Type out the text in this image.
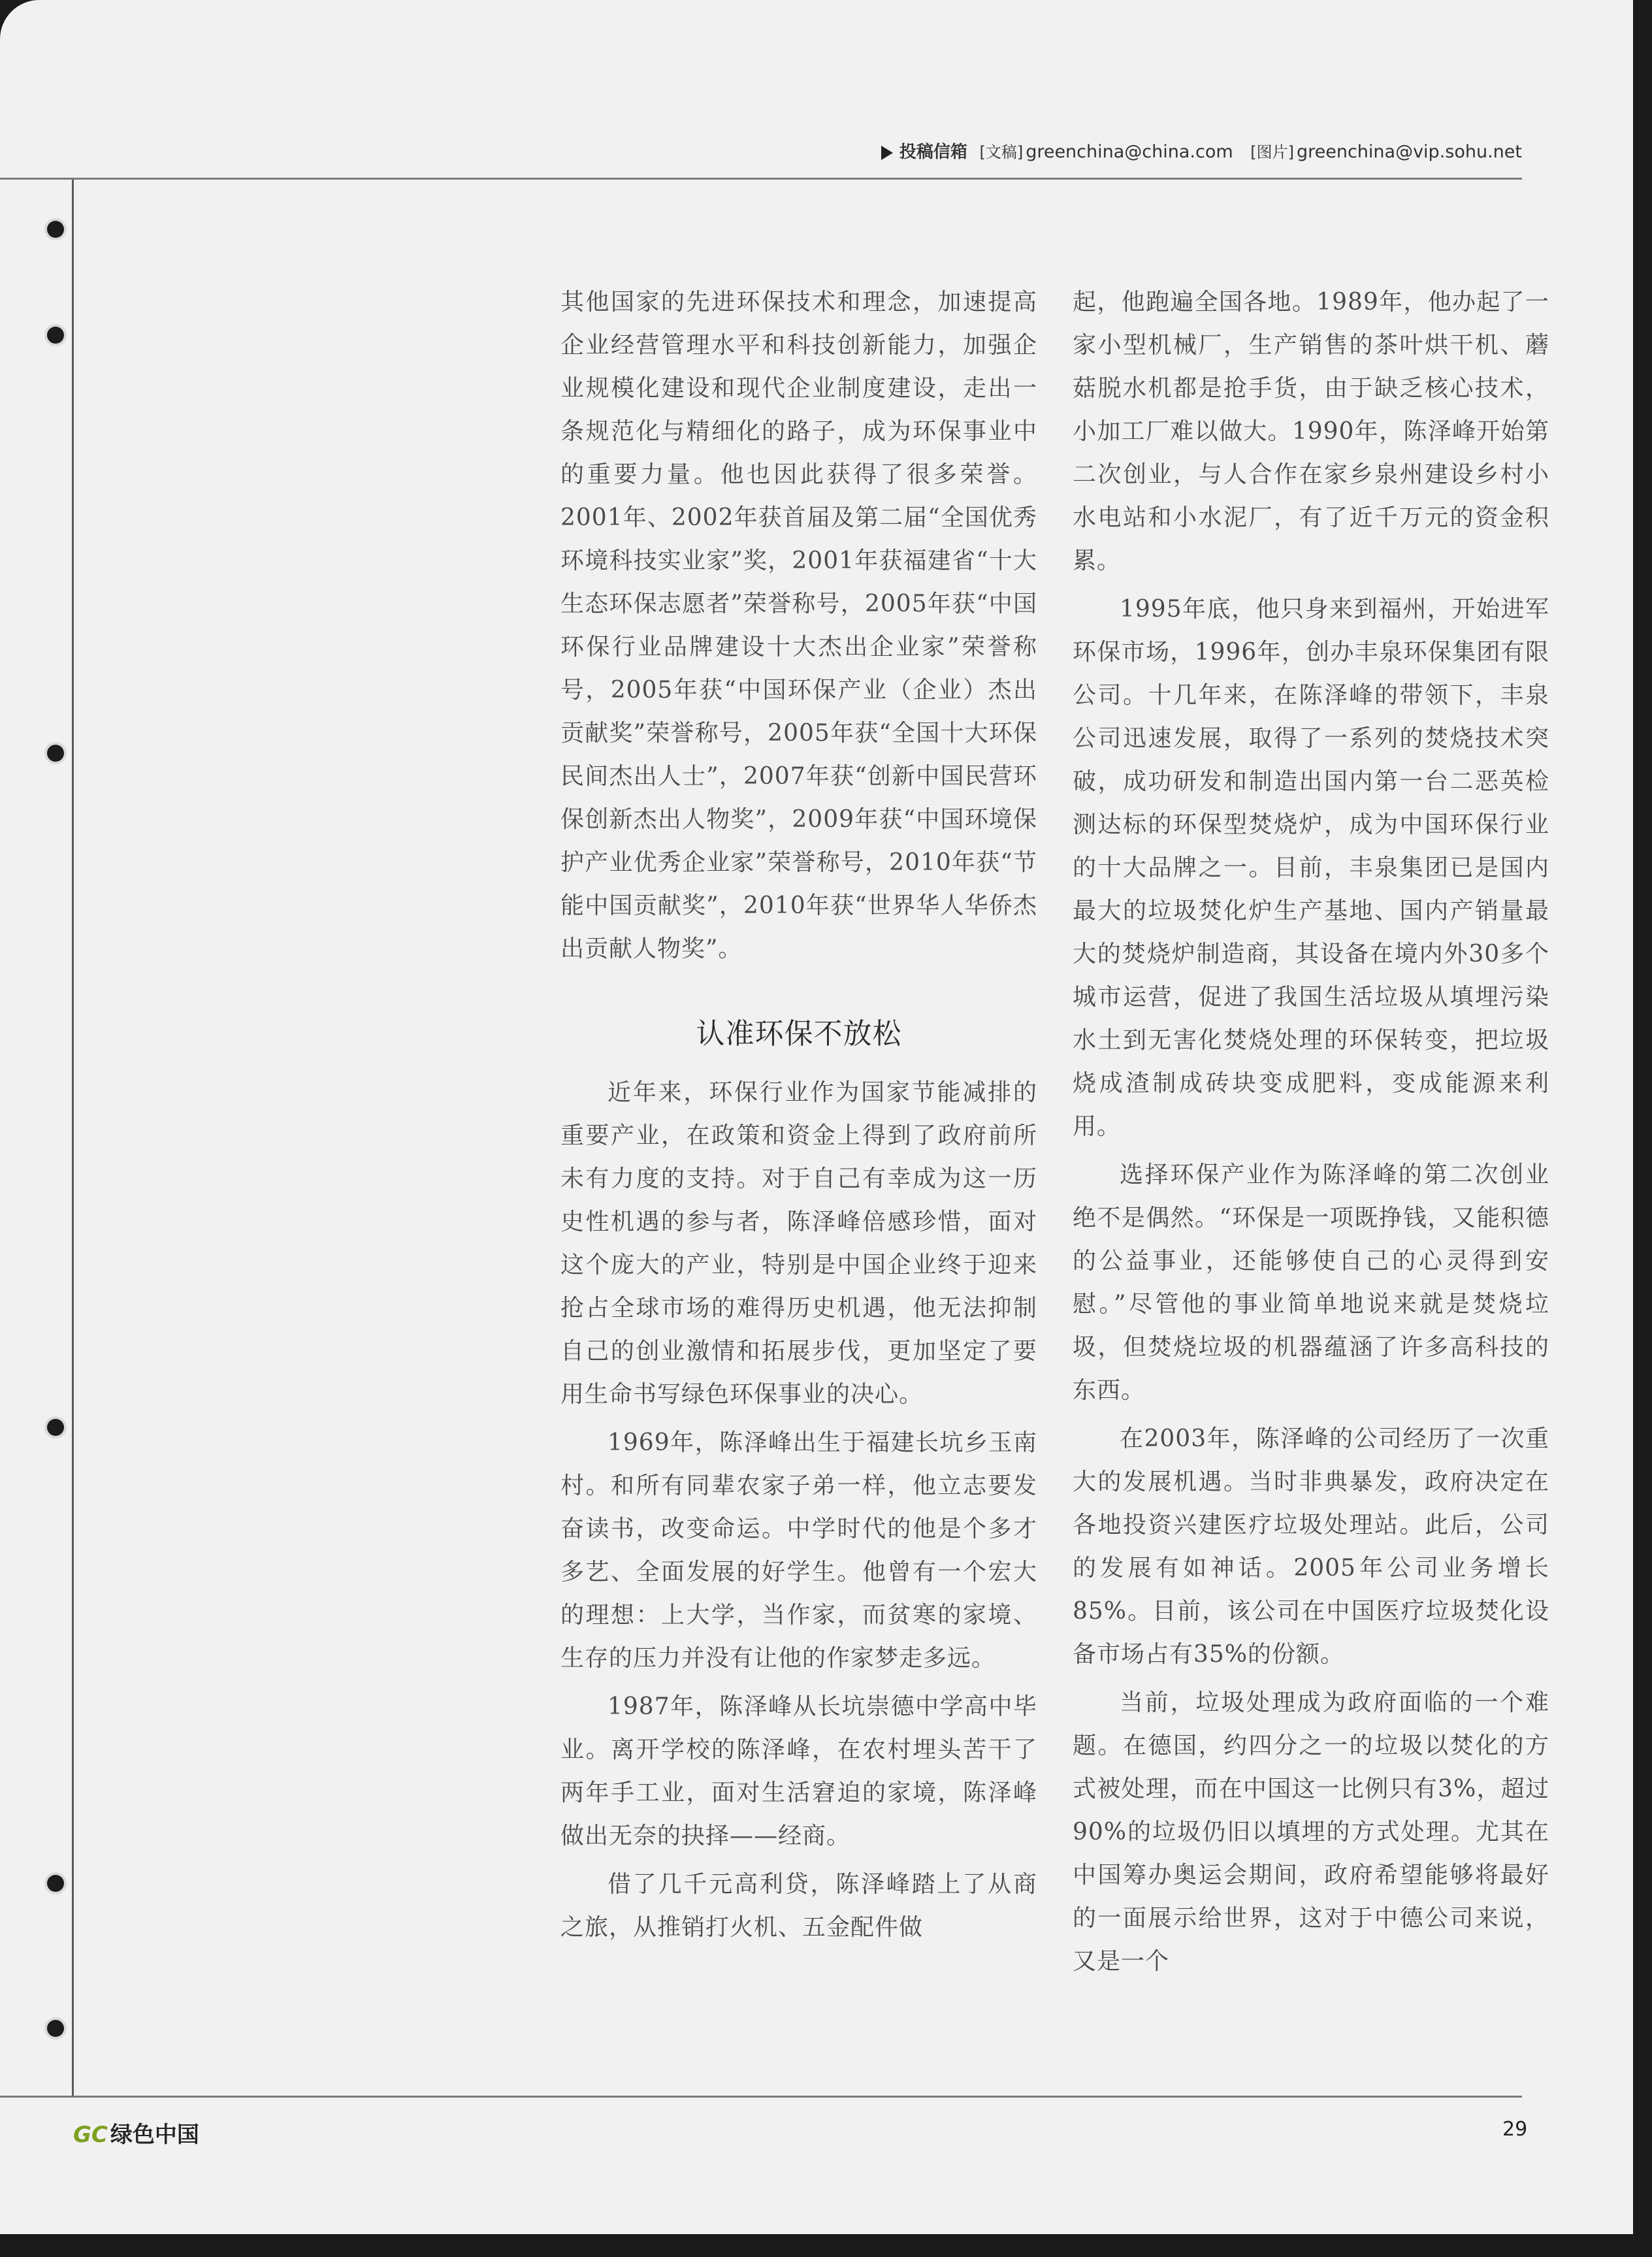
投稿信箱 [文稿] greenchina@china.com [图片] greenchina@vip.sohu.net

其他国家的先进环保技术和理念，加速提高企业经营管理水平和科技创新能力，加强企业规模化建设和现代企业制度建设，走出一条规范化与精细化的路子，成为环保事业中的重要力量。他也因此获得了很多荣誉。2001年、2002年获首届及第二届“全国优秀环境科技实业家”奖，2001年获福建省“十大生态环保志愿者”荣誉称号，2005年获“中国环保行业品牌建设十大杰出企业家”荣誉称号，2005年获“中国环保产业（企业）杰出贡献奖”荣誉称号，2005年获“全国十大环保民间杰出人士”，2007年获“创新中国民营环保创新杰出人物奖”，2009年获“中国环境保护产业优秀企业家”荣誉称号，2010年获“节能中国贡献奖”，2010年获“世界华人华侨杰出贡献人物奖”。

认准环保不放松

近年来，环保行业作为国家节能减排的重要产业，在政策和资金上得到了政府前所未有力度的支持。对于自己有幸成为这一历史性机遇的参与者，陈泽峰倍感珍惜，面对这个庞大的产业，特别是中国企业终于迎来抢占全球市场的难得历史机遇，他无法抑制自己的创业激情和拓展步伐，更加坚定了要用生命书写绿色环保事业的决心。

1969年，陈泽峰出生于福建长坑乡玉南村。和所有同辈农家子弟一样，他立志要发奋读书，改变命运。中学时代的他是个多才多艺、全面发展的好学生。他曾有一个宏大的理想：上大学，当作家，而贫寒的家境、生存的压力并没有让他的作家梦走多远。

1987年，陈泽峰从长坑崇德中学高中毕业。离开学校的陈泽峰，在农村埋头苦干了两年手工业，面对生活窘迫的家境，陈泽峰做出无奈的抉择——经商。

借了几千元高利贷，陈泽峰踏上了从商之旅，从推销打火机、五金配件做

起，他跑遍全国各地。1989年，他办起了一家小型机械厂，生产销售的茶叶烘干机、蘑菇脱水机都是抢手货，由于缺乏核心技术，小加工厂难以做大。1990年，陈泽峰开始第二次创业，与人合作在家乡泉州建设乡村小水电站和小水泥厂，有了近千万元的资金积累。

1995年底，他只身来到福州，开始进军环保市场，1996年，创办丰泉环保集团有限公司。十几年来，在陈泽峰的带领下，丰泉公司迅速发展，取得了一系列的焚烧技术突破，成功研发和制造出国内第一台二恶英检测达标的环保型焚烧炉，成为中国环保行业的十大品牌之一。目前，丰泉集团已是国内最大的垃圾焚化炉生产基地、国内产销量最大的焚烧炉制造商，其设备在境内外30多个城市运营，促进了我国生活垃圾从填埋污染水土到无害化焚烧处理的环保转变，把垃圾烧成渣制成砖块变成肥料，变成能源来利用。

选择环保产业作为陈泽峰的第二次创业绝不是偶然。“环保是一项既挣钱，又能积德的公益事业，还能够使自己的心灵得到安慰。”尽管他的事业简单地说来就是焚烧垃圾，但焚烧垃圾的机器蕴涵了许多高科技的东西。

在2003年，陈泽峰的公司经历了一次重大的发展机遇。当时非典暴发，政府决定在各地投资兴建医疗垃圾处理站。此后，公司的发展有如神话。2005年公司业务增长85%。目前，该公司在中国医疗垃圾焚化设备市场占有35%的份额。

当前，垃圾处理成为政府面临的一个难题。在德国，约四分之一的垃圾以焚化的方式被处理，而在中国这一比例只有3%，超过90%的垃圾仍旧以填埋的方式处理。尤其在中国筹办奥运会期间，政府希望能够将最好的一面展示给世界，这对于中德公司来说，又是一个

GC 绿色中国	29
